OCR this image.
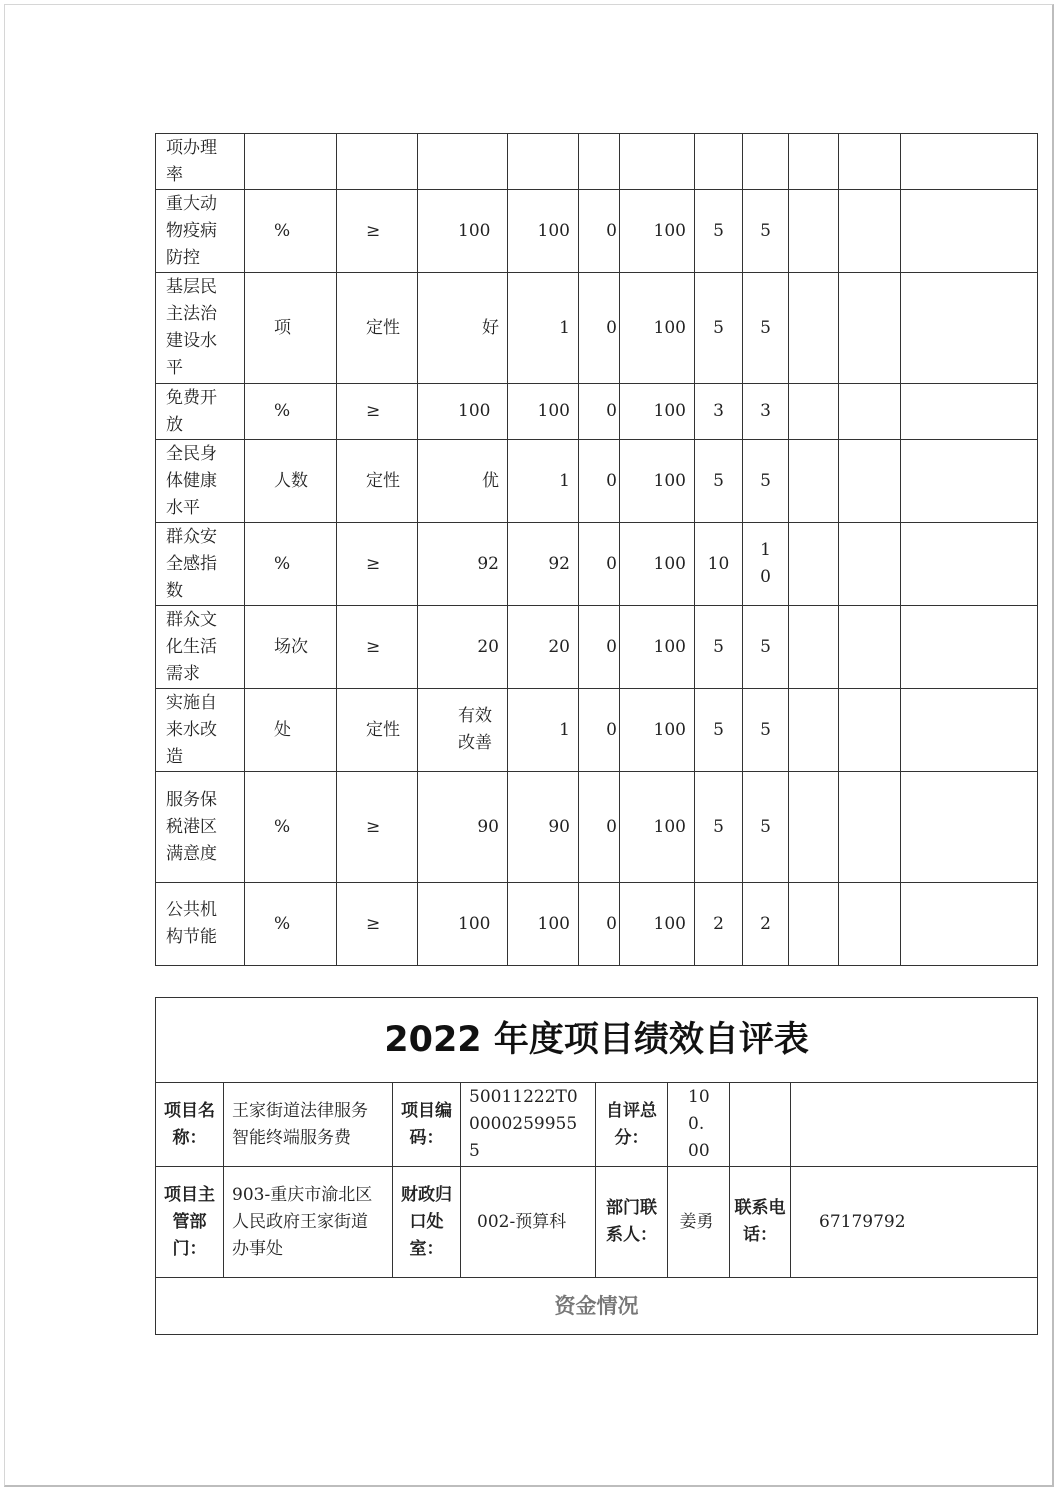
项办理率											
重大动物疫病防控	%	≥	100	100	0	100	5	5			
基层民主法治建设水平	项	定性	好	1	0	100	5	5			
免费开放	%	≥	100	100	0	100	3	3			
全民身体健康水平	人数	定性	优	1	0	100	5	5			
群众安全感指数	%	≥	92	92	0	100	10	10			
群众文化生活需求	场次	≥	20	20	0	100	5	5			
实施自来水改造	处	定性	有效改善	1	0	100	5	5			
服务保税港区满意度	%	≥	90	90	0	100	5	5			
公共机构节能	%	≥	100	100	0	100	2	2			
2022 年度项目绩效自评表							
项目名称：	王家街道法律服务智能终端服务费	项目编码：	50011222T000002599555	自评总分：	100.00		
项目主管部门：	903-重庆市渝北区人民政府王家街道办事处	财政归口处室：	002-预算科	部门联系人：	姜勇	联系电话：	67179792
资金情况							
